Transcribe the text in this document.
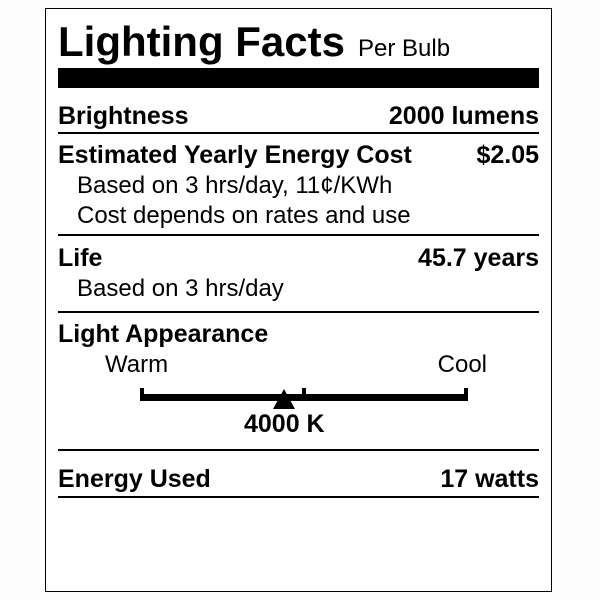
Lighting Facts Per Bulb
Brightness	2000 lumens
Estimated Yearly Energy Cost	$2.05
Based on 3 hrs/day, 11¢/KWh
Cost depends on rates and use
Life	45.7 years
Based on 3 hrs/day
Light Appearance
Warm	Cool
4000 K
Energy Used	17 watts
